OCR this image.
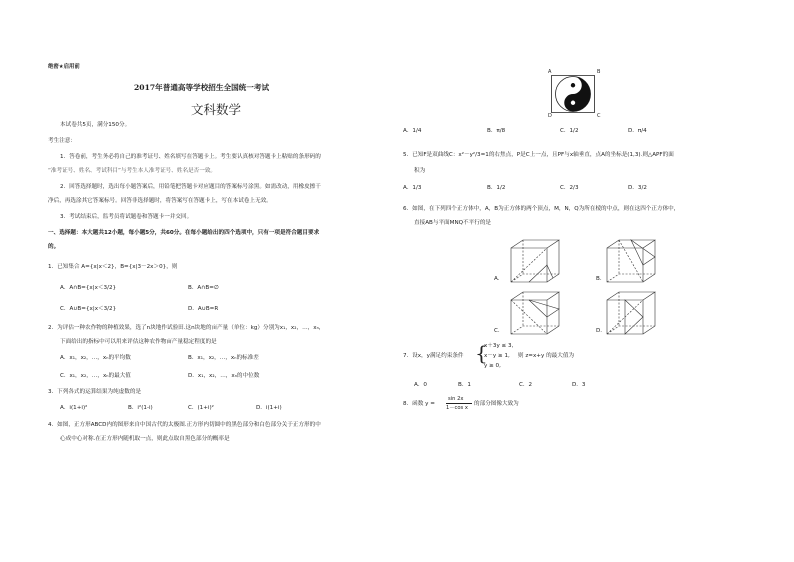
绝密★启用前
2017年普通高等学校招生全国统一考试
文科数学
本试卷共5页，满分150分。
考生注意：
1．答卷前，考生务必将自己的准考证号、姓名填写在答题卡上。考生要认真核对答题卡上粘贴的条形码的
“准考证号、姓名、考试科目”与考生本人准考证号、姓名是否一致。
2．回答选择题时，选出每小题答案后，用铅笔把答题卡对应题目的答案标号涂黑。如需改动，用橡皮擦干
净后，再选涂其它答案标号。回答非选择题时，将答案写在答题卡上，写在本试卷上无效。
3．考试结束后，监考员将试题卷和答题卡一并交回。
一、选择题：本大题共12小题，每小题5分，共60分。在每小题给出的四个选项中，只有一项是符合题目要求
的。
1．已知集合 A={x|x＜2}，B={x|3－2x＞0}，则
A．A∩B={x|x＜3/2}	B．A∩B=∅
C．A∪B={x|x＜3/2}	D．A∪B=R
2．为评估一种农作物的种植效果，选了n块地作试验田.这n块地的亩产量（单位：kg）分别为x₁，x₂，…，xₙ，
下面给出的指标中可以用来评估这种农作物亩产量稳定程度的是
A．x₁，x₂，…，xₙ的平均数	B．x₁，x₂，…，xₙ的标准差
C．x₁，x₂，…，xₙ的最大值	D．x₁，x₂，…，xₙ的中位数
3．下列各式的运算结果为纯虚数的是
A．i(1+i)²	B．i²(1-i)	C．(1+i)²	D．i(1+i)
4．如图，正方形ABCD内的图形来自中国古代的太极图.正方形内切圆中的黑色部分和白色部分关于正方形的中
心成中心对称.在正方形内随机取一点，则此点取自黑色部分的概率是
A	B
C
D
A．1/4	B．π/8	C．1/2	D．π/4
5．已知F是双曲线C：x²－y²/3=1的右焦点，P是C上一点，且PF与x轴垂直，点A的坐标是(1,3).则△APF的面
积为
A．1/3	B．1/2	C．2/3	D．3/2
6．如图，在下列四个正方体中，A，B为正方体的两个顶点，M，N，Q为所在棱的中点，则在这四个正方体中，
直接AB与平面MNQ不平行的是
A.	B.
C.	D.
7．设x，y满足约束条件 {
x＋3y ≤ 3,
x－y ≥ 1,
y ≥ 0,
则 z=x+y 的最大值为
A．0	B．1	C．2	D．3
8．函数 y =
sin 2x
1－cos x
的部分图像大致为
